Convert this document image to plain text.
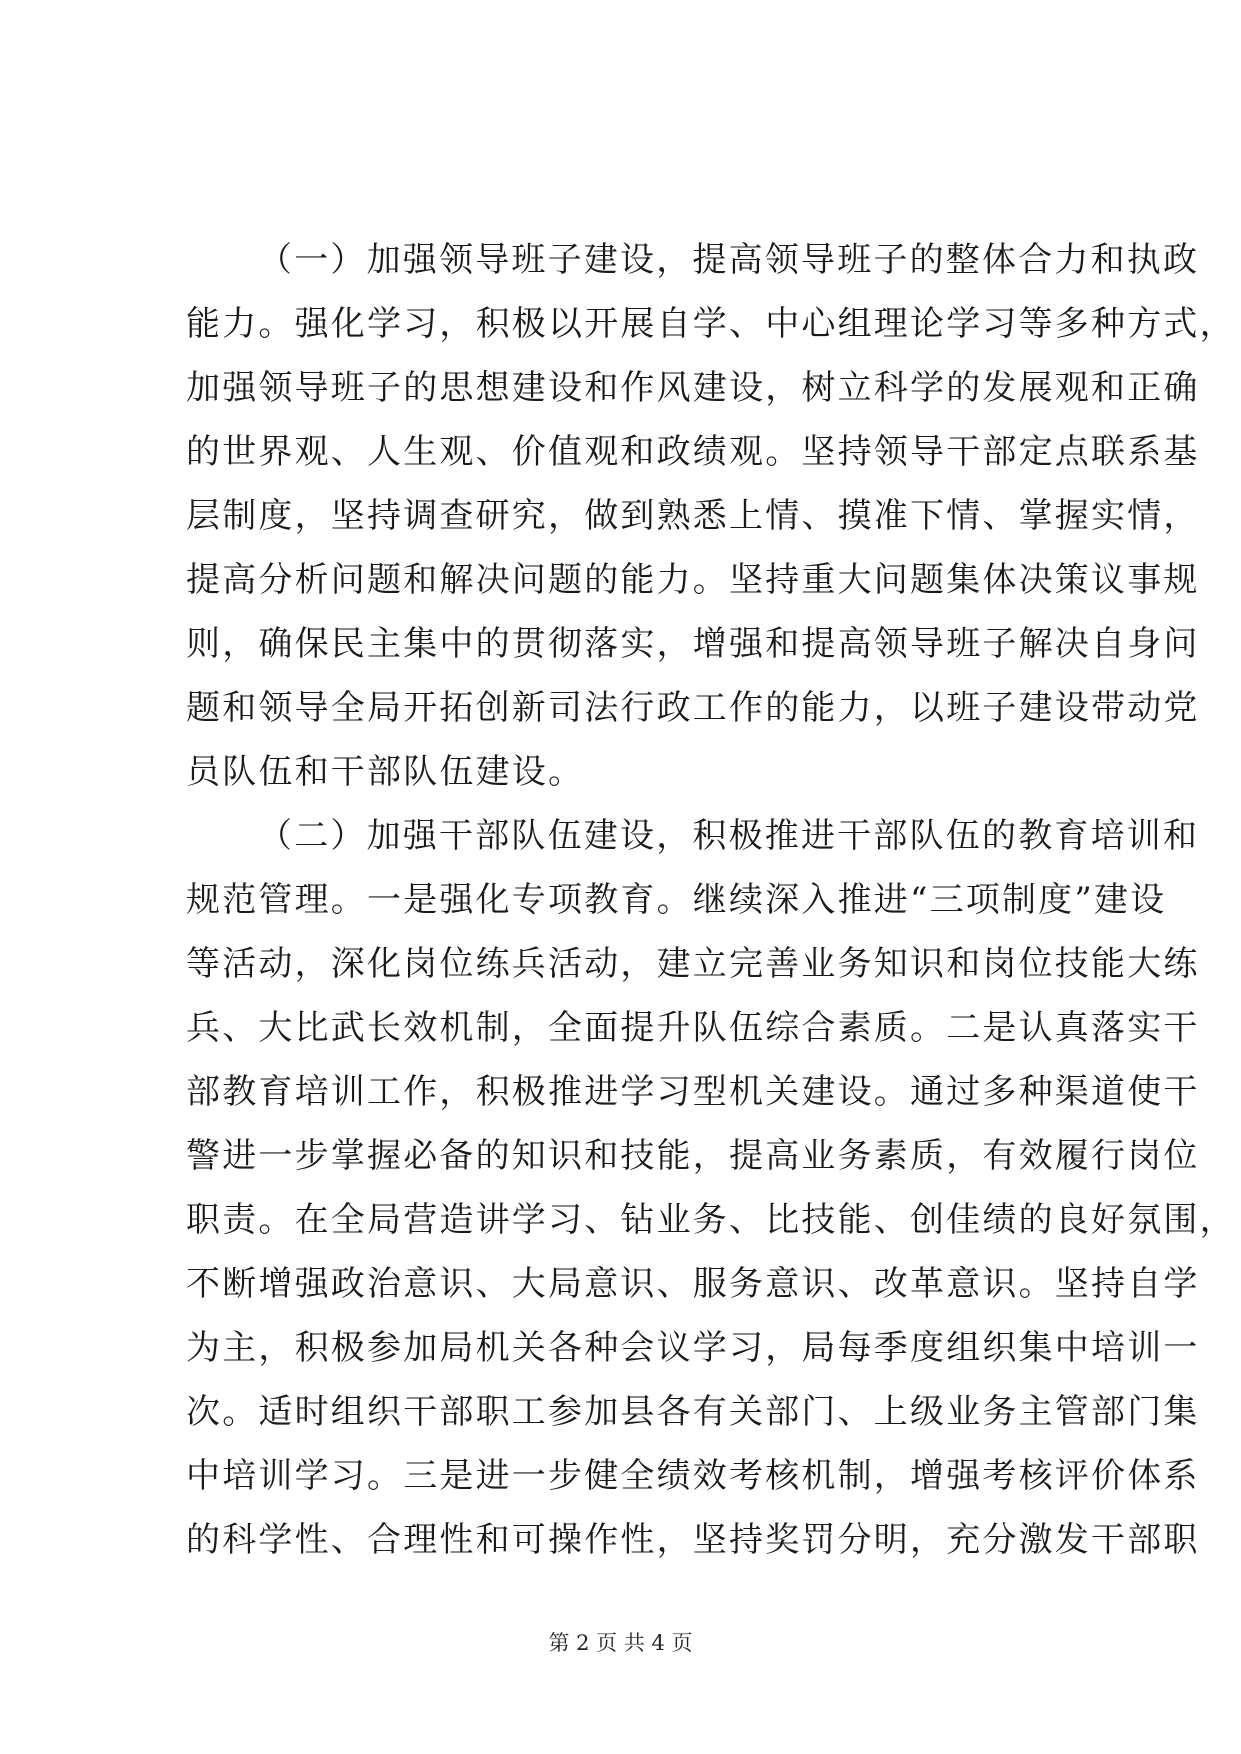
（一）加强领导班子建设，提高领导班子的整体合力和执政
能力。强化学习，积极以开展自学、中心组理论学习等多种方式，
加强领导班子的思想建设和作风建设，树立科学的发展观和正确
的世界观、人生观、价值观和政绩观。坚持领导干部定点联系基
层制度，坚持调查研究，做到熟悉上情、摸准下情、掌握实情，
提高分析问题和解决问题的能力。坚持重大问题集体决策议事规
则，确保民主集中的贯彻落实，增强和提高领导班子解决自身问
题和领导全局开拓创新司法行政工作的能力，以班子建设带动党
员队伍和干部队伍建设。
（二）加强干部队伍建设，积极推进干部队伍的教育培训和
规范管理。一是强化专项教育。继续深入推进“三项制度”建设
等活动，深化岗位练兵活动，建立完善业务知识和岗位技能大练
兵、大比武长效机制，全面提升队伍综合素质。二是认真落实干
部教育培训工作，积极推进学习型机关建设。通过多种渠道使干
警进一步掌握必备的知识和技能，提高业务素质，有效履行岗位
职责。在全局营造讲学习、钻业务、比技能、创佳绩的良好氛围，
不断增强政治意识、大局意识、服务意识、改革意识。坚持自学
为主，积极参加局机关各种会议学习，局每季度组织集中培训一
次。适时组织干部职工参加县各有关部门、上级业务主管部门集
中培训学习。三是进一步健全绩效考核机制，增强考核评价体系
的科学性、合理性和可操作性，坚持奖罚分明，充分激发干部职
第 2 页 共 4 页
